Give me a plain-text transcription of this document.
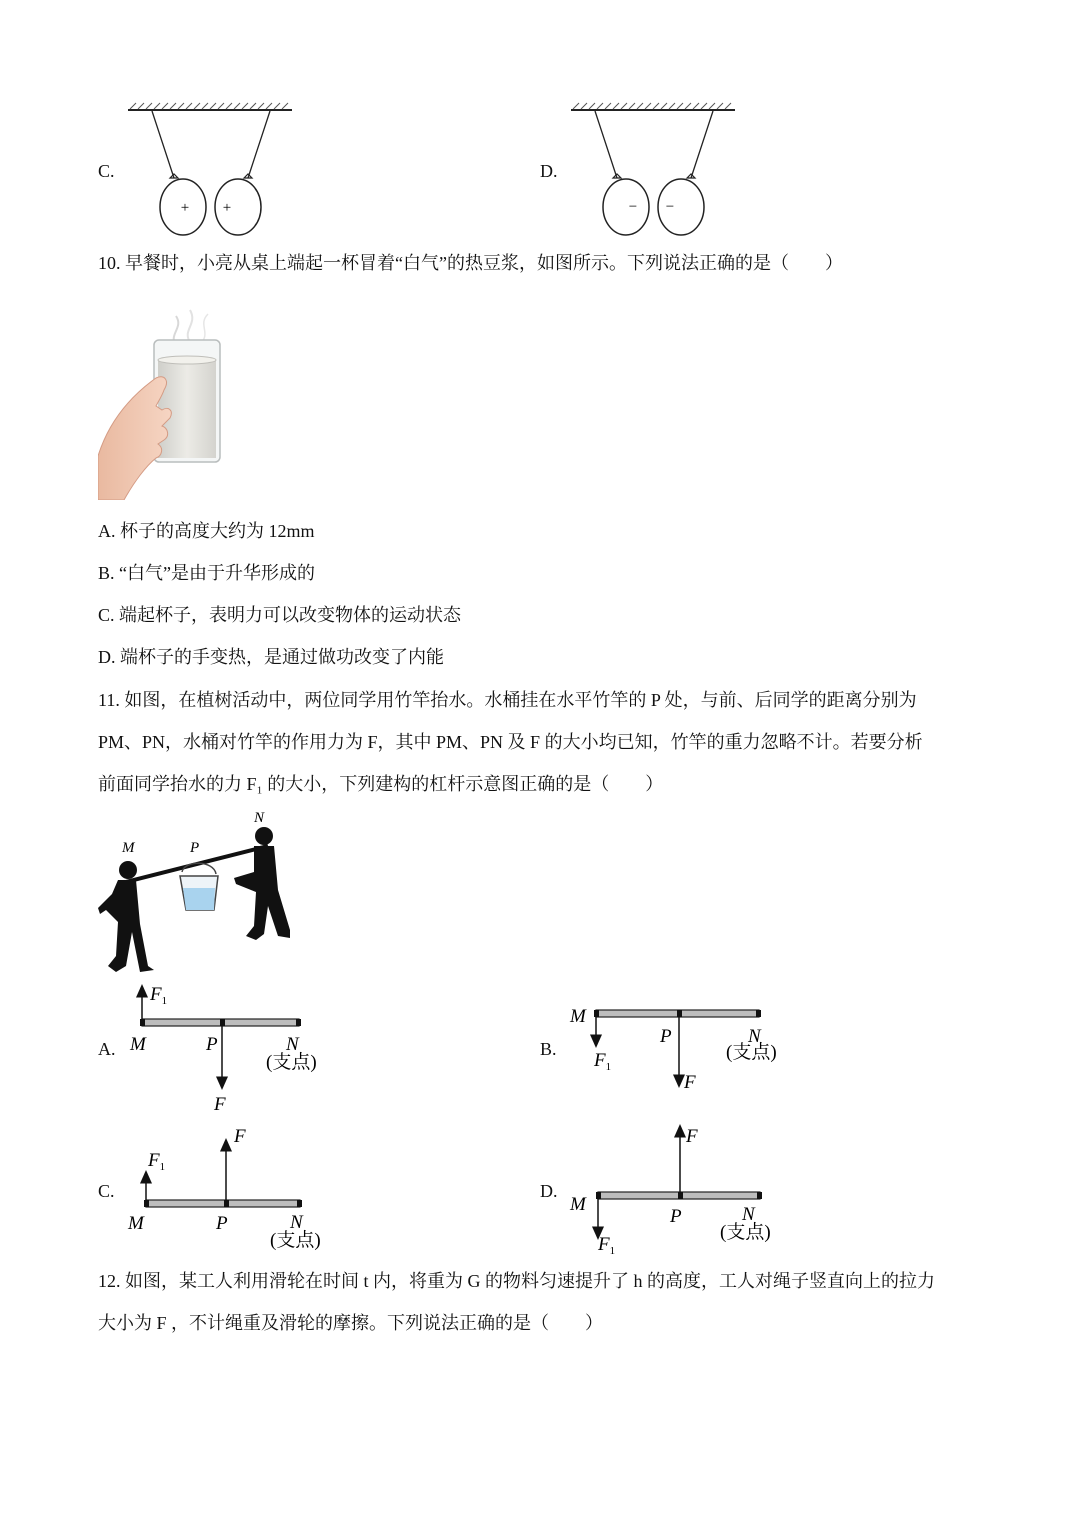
C.
+ +
D.
− −
10. 早餐时，小亮从桌上端起一杯冒着“白气”的热豆浆，如图所示。下列说法正确的是（　　）
A. 杯子的高度大约为 12mm
B. “白气”是由于升华形成的
C. 端起杯子，表明力可以改变物体的运动状态
D. 端杯子的手变热，是通过做功改变了内能
11. 如图，在植树活动中，两位同学用竹竿抬水。水桶挂在水平竹竿的 P 处，与前、后同学的距离分别为
PM、PN，水桶对竹竿的作用力为 F，其中 PM、PN 及 F 的大小均已知，竹竿的重力忽略不计。若要分析
前面同学抬水的力 F₁ 的大小，下列建构的杠杆示意图正确的是（　　）
M	P
N
A.
$F_1$
M	P	N
(支点)
F
B.
M
P	N
(支点)
$F_1$
F
C.
$F_1$
F
M	P	N
(支点)
D.
F
M
P	N
(支点)
$F_1$
12. 如图，某工人利用滑轮在时间 t 内，将重为 G 的物料匀速提升了 h 的高度，工人对绳子竖直向上的拉力
大小为 F ，不计绳重及滑轮的摩擦。下列说法正确的是（　　）
